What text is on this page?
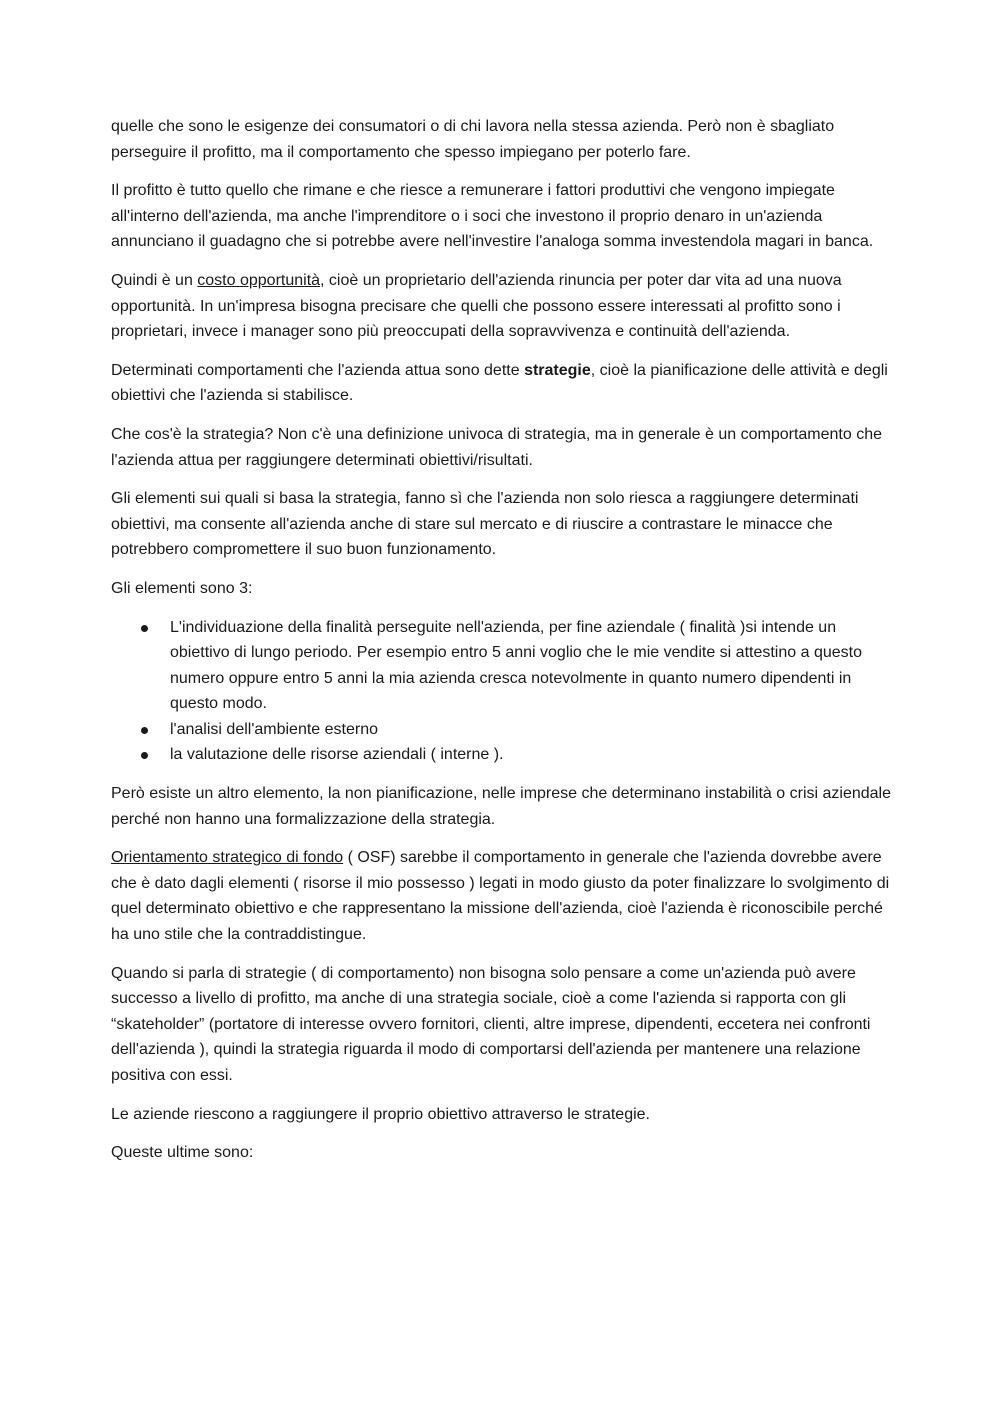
quelle che sono le esigenze dei consumatori o di chi lavora nella stessa azienda. Però non è sbagliato perseguire il profitto, ma il comportamento che spesso impiegano per poterlo fare.

Il profitto è tutto quello che rimane e che riesce a remunerare i fattori produttivi che vengono impiegate all'interno dell'azienda, ma anche l'imprenditore o i soci che investono il proprio denaro in un'azienda annunciano il guadagno che si potrebbe avere nell'investire l'analoga somma investendola magari in banca.

Quindi è un costo opportunità, cioè un proprietario dell'azienda rinuncia per poter dar vita ad una nuova opportunità. In un'impresa bisogna precisare che quelli che possono essere interessati al profitto sono i proprietari, invece i manager sono più preoccupati della sopravvivenza e continuità dell'azienda.

Determinati comportamenti che l'azienda attua sono dette strategie, cioè la pianificazione delle attività e degli obiettivi che l'azienda si stabilisce.

Che cos'è la strategia? Non c'è una definizione univoca di strategia, ma in generale è un comportamento che l'azienda attua per raggiungere determinati obiettivi/risultati.

Gli elementi sui quali si basa la strategia, fanno sì che l'azienda non solo riesca a raggiungere determinati obiettivi, ma consente all'azienda anche di stare sul mercato e di riuscire a contrastare le minacce che potrebbero compromettere il suo buon funzionamento.

Gli elementi sono 3:

L'individuazione della finalità perseguite nell'azienda, per fine aziendale ( finalità )si intende un obiettivo di lungo periodo. Per esempio entro 5 anni voglio che le mie vendite si attestino a questo numero oppure entro 5 anni la mia azienda cresca notevolmente in quanto numero dipendenti in questo modo.
l'analisi dell'ambiente esterno
la valutazione delle risorse aziendali ( interne ).

Però esiste un altro elemento, la non pianificazione, nelle imprese che determinano instabilità o crisi aziendale perché non hanno una formalizzazione della strategia.

Orientamento strategico di fondo ( OSF) sarebbe il comportamento in generale che l'azienda dovrebbe avere che è dato dagli elementi ( risorse il mio possesso ) legati in modo giusto da poter finalizzare lo svolgimento di quel determinato obiettivo e che rappresentano la missione dell'azienda, cioè l'azienda è riconoscibile perché ha uno stile che la contraddistingue.

Quando si parla di strategie ( di comportamento) non bisogna solo pensare a come un'azienda può avere successo a livello di profitto, ma anche di una strategia sociale, cioè a come l'azienda si rapporta con gli “skateholder” (portatore di interesse ovvero fornitori, clienti, altre imprese, dipendenti, eccetera nei confronti dell'azienda ), quindi la strategia riguarda il modo di comportarsi dell'azienda per mantenere una relazione positiva con essi.

Le aziende riescono a raggiungere il proprio obiettivo attraverso le strategie.

Queste ultime sono:
